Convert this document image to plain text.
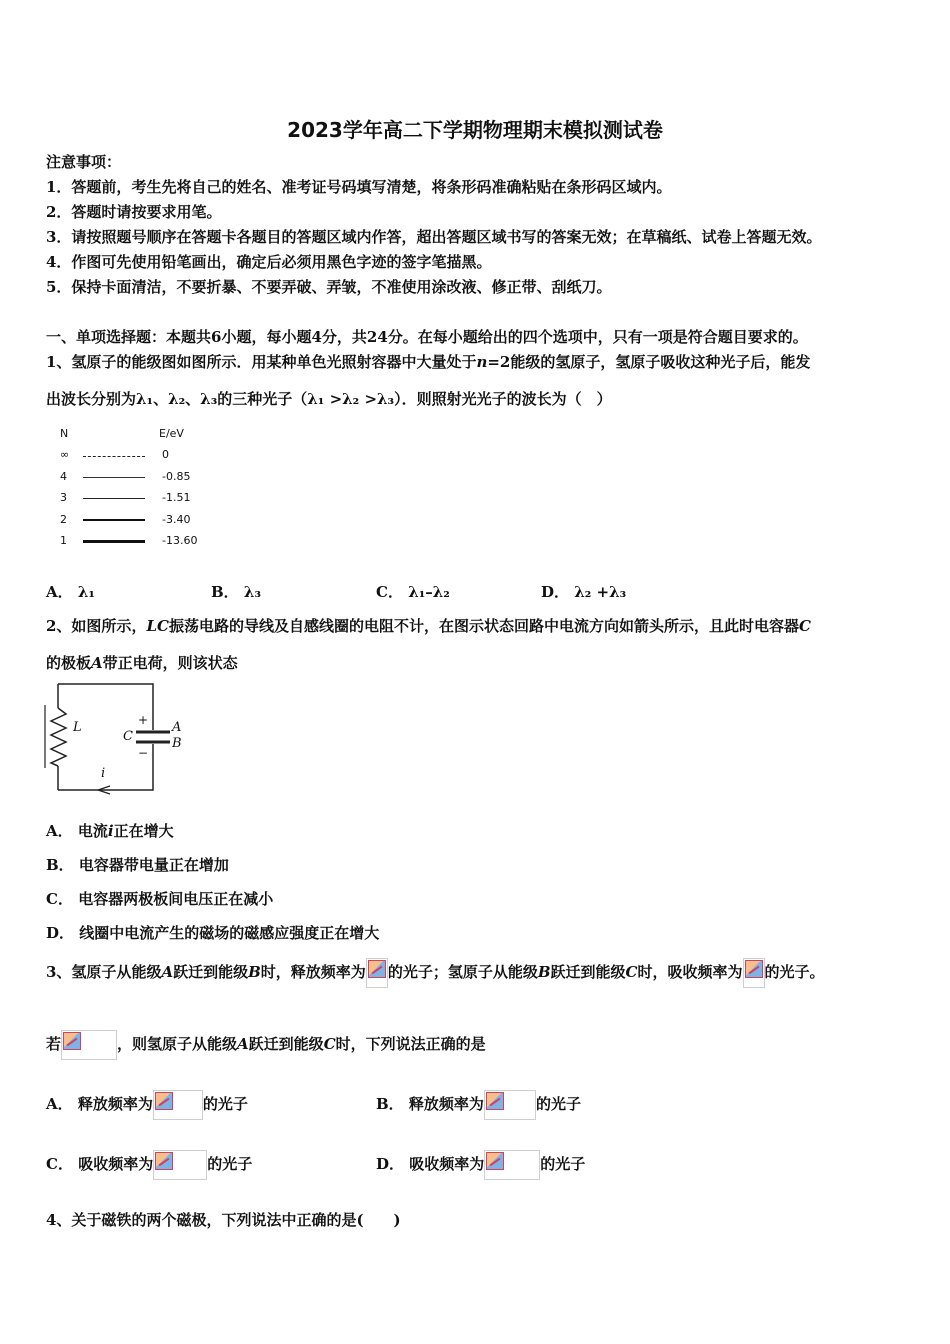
2023学年高二下学期物理期末模拟测试卷
注意事项：
1．答题前，考生先将自己的姓名、准考证号码填写清楚，将条形码准确粘贴在条形码区域内。
2．答题时请按要求用笔。
3．请按照题号顺序在答题卡各题目的答题区域内作答，超出答题区域书写的答案无效；在草稿纸、试卷上答题无效。
4．作图可先使用铅笔画出，确定后必须用黑色字迹的签字笔描黑。
5．保持卡面清洁，不要折暴、不要弄破、弄皱，不准使用涂改液、修正带、刮纸刀。
一、单项选择题：本题共6小题，每小题4分，共24分。在每小题给出的四个选项中，只有一项是符合题目要求的。
1、氢原子的能级图如图所示．用某种单色光照射容器中大量处于n=2能级的氢原子，氢原子吸收这种光子后，能发
出波长分别为λ₁、λ₂、λ₃的三种光子（λ₁ >λ₂ >λ₃）．则照射光光子的波长为（　）
N	E/eV
∞	0
4	-0.85
3	-1.51
2	-3.40
1	-13.60
A． λ₁	B． λ₃	C． λ₁–λ₂	D． λ₂ +λ₃
2、如图所示，LC振荡电路的导线及自感线圈的电阻不计，在图示状态回路中电流方向如箭头所示，且此时电容器C
的极板A带正电荷，则该状态
L
C
+
−
A
B
i
A． 电流i正在增大
B． 电容器带电量正在增加
C． 电容器两极板间电压正在减小
D． 线圈中电流产生的磁场的磁感应强度正在增大
3、氢原子从能级A跃迁到能级B时，释放频率为 的光子；氢原子从能级B跃迁到能级C时，吸收频率为 的光子。
若	，则氢原子从能级A跃迁到能级C时，下列说法正确的是
A． 释放频率为	的光子	B． 释放频率为	的光子
C． 吸收频率为	的光子	D． 吸收频率为	的光子
4、关于磁铁的两个磁极，下列说法中正确的是(　　)
